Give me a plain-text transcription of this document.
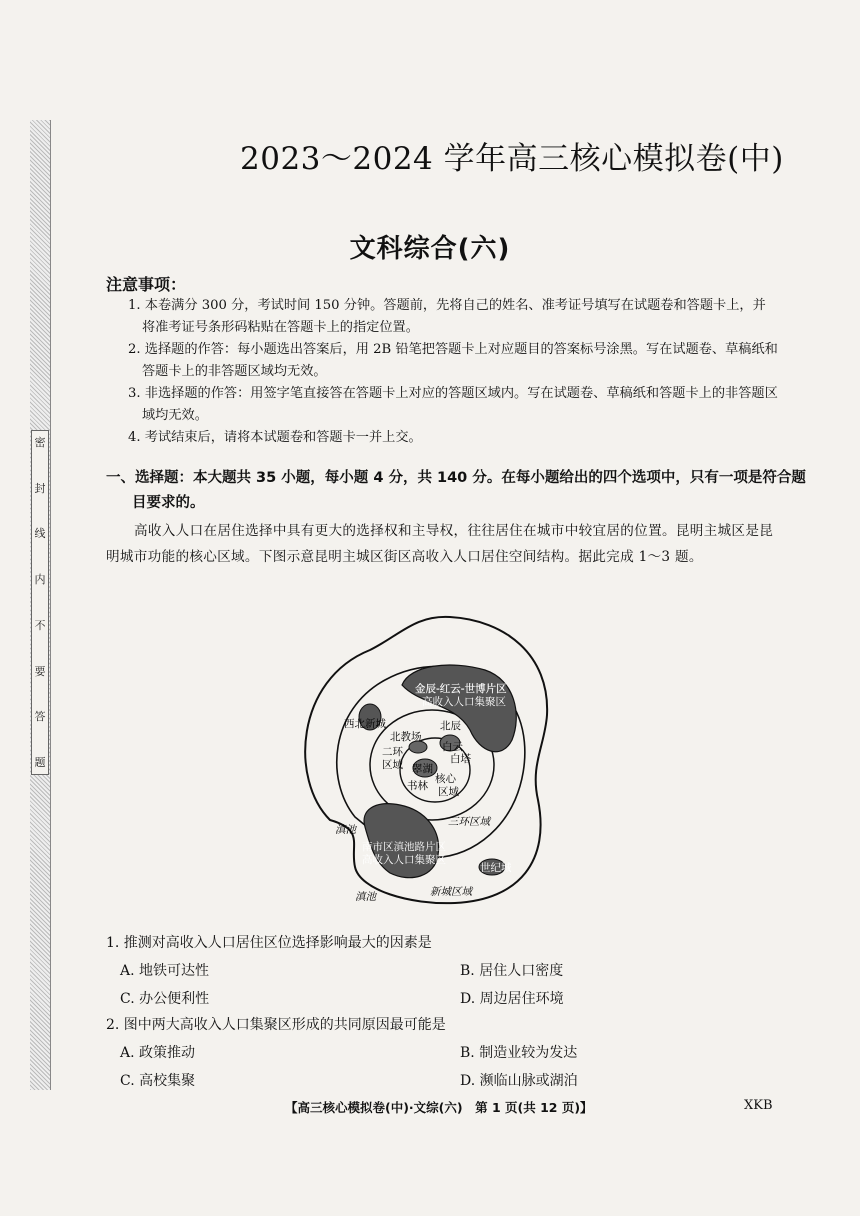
密
封
线
内
不
要
答
题
2023～2024 学年高三核心模拟卷(中)
文科综合(六)
注意事项：

1. 本卷满分 300 分，考试时间 150 分钟。答题前，先将自己的姓名、准考证号填写在试题卷和答题卡上，并将准考证号条形码粘贴在答题卡上的指定位置。

2. 选择题的作答：每小题选出答案后，用 2B 铅笔把答题卡上对应题目的答案标号涂黑。写在试题卷、草稿纸和答题卡上的非答题区域均无效。

3. 非选择题的作答：用签字笔直接答在答题卡上对应的答题区域内。写在试题卷、草稿纸和答题卡上的非答题区域均无效。

4. 考试结束后，请将本试题卷和答题卡一并上交。

一、选择题：本大题共 35 小题，每小题 4 分，共 140 分。在每小题给出的四个选项中，只有一项是符合题目要求的。
高收入人口在居住选择中具有更大的选择权和主导权，往往居住在城市中较宜居的位置。昆明主城区是昆明城市功能的核心区域。下图示意昆明主城区街区高收入人口居住空间结构。据此完成 1～3 题。
金辰-红云-世博片区
高收入人口集聚区
西北新城	北辰
北教场
白云
二环
区域	白塔
翠湖
核心
区域
书林
三环区域
滇池
南市区滇池路片区
高收入人口集聚区
世纪城
滇池	新城区域
1. 推测对高收入人口居住区位选择影响最大的因素是
A. 地铁可达性	B. 居住人口密度
C. 办公便利性	D. 周边居住环境
2. 图中两大高收入人口集聚区形成的共同原因最可能是
A. 政策推动	B. 制造业较为发达
C. 高校集聚	D. 濒临山脉或湖泊
【高三核心模拟卷(中)·文综(六)　第 1 页(共 12 页)】	XKB
